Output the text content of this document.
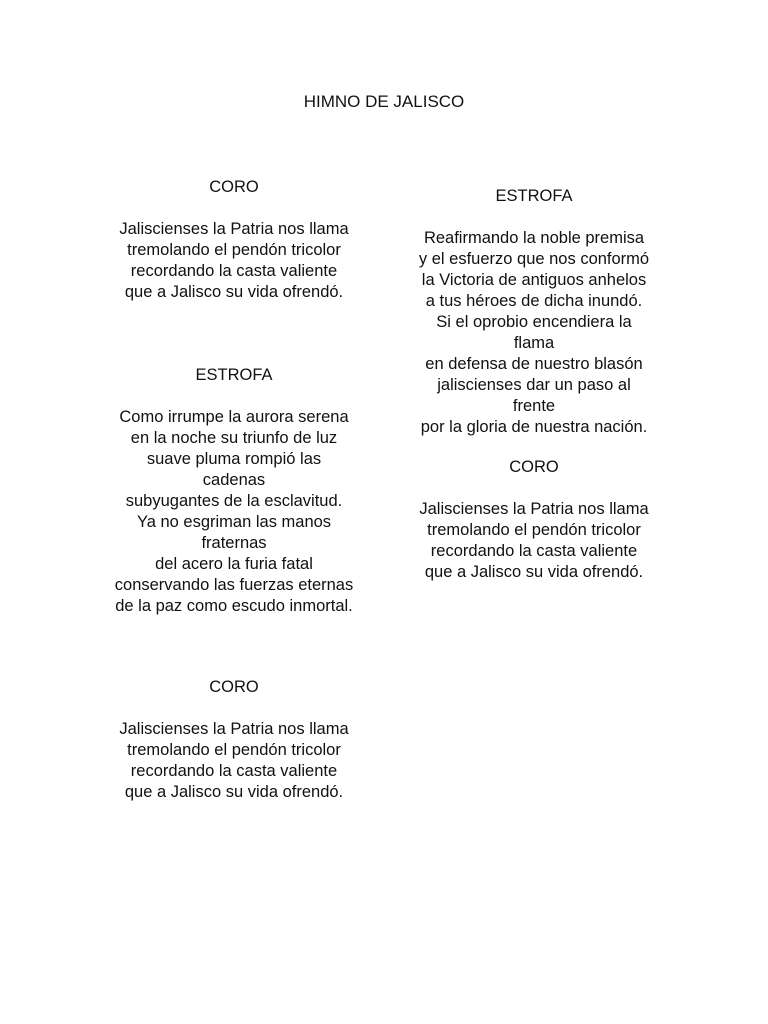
HIMNO DE JALISCO
CORO
Jaliscienses la Patria nos llama
tremolando el pendón tricolor
recordando la casta valiente
que a Jalisco su vida ofrendó.
ESTROFA
Como irrumpe la aurora serena
en la noche su triunfo de luz
suave pluma rompió las
cadenas
subyugantes de la esclavitud.
Ya no esgriman las manos
fraternas
del acero la furia fatal
conservando las fuerzas eternas
de la paz como escudo inmortal.
CORO
Jaliscienses la Patria nos llama
tremolando el pendón tricolor
recordando la casta valiente
que a Jalisco su vida ofrendó.
ESTROFA
Reafirmando la noble premisa
y el esfuerzo que nos conformó
la Victoria de antiguos anhelos
a tus héroes de dicha inundó.
Si el oprobio encendiera la
flama
en defensa de nuestro blasón
jaliscienses dar un paso al
frente
por la gloria de nuestra nación.
CORO
Jaliscienses la Patria nos llama
tremolando el pendón tricolor
recordando la casta valiente
que a Jalisco su vida ofrendó.
